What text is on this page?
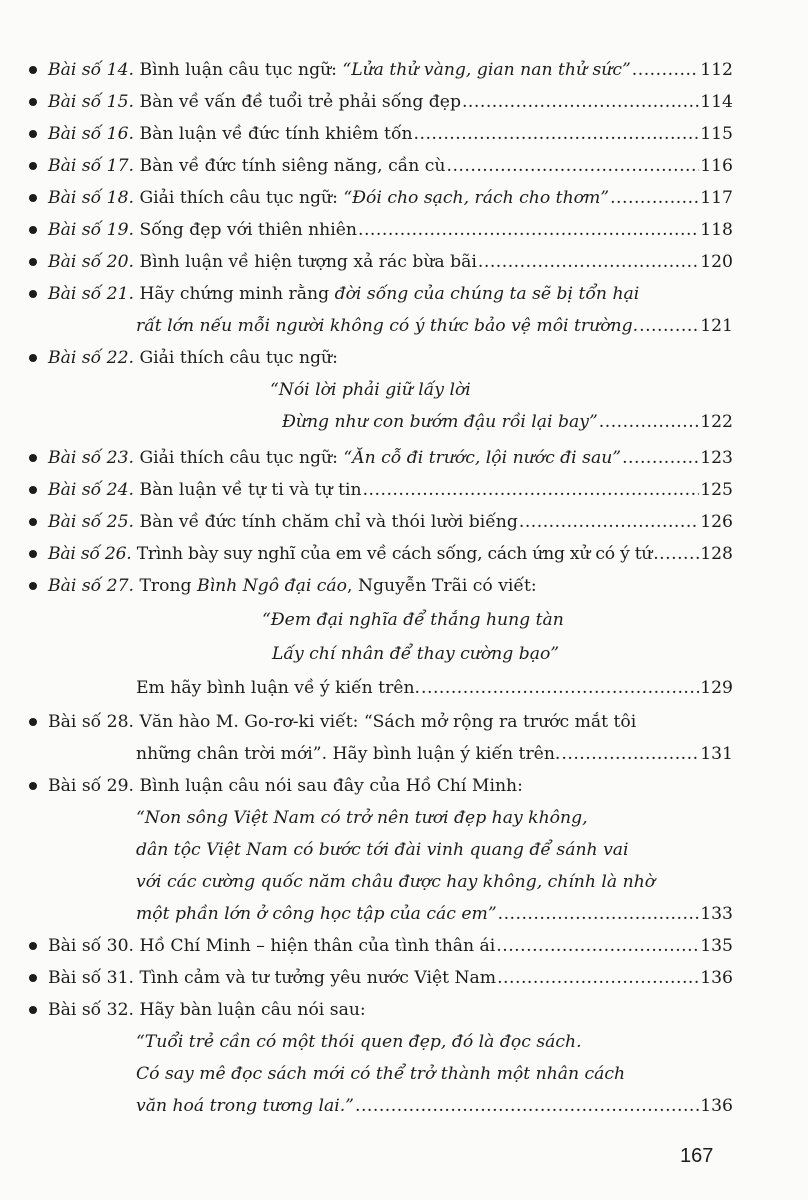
Bài số 14. Bình luận câu tục ngữ: “Lửa thử vàng, gian nan thử sức” .....	112
Bài số 15. Bàn về vấn đề tuổi trẻ phải sống đẹp .....	114
Bài số 16. Bàn luận về đức tính khiêm tốn .....	115
Bài số 17. Bàn về đức tính siêng năng, cần cù .....	116
Bài số 18. Giải thích câu tục ngữ: “Đói cho sạch, rách cho thơm” .....	117
Bài số 19. Sống đẹp với thiên nhiên .....	118
Bài số 20. Bình luận về hiện tượng xả rác bừa bãi .....	120
Bài số 21. Hãy chứng minh rằng đời sống của chúng ta sẽ bị tổn hại
rất lớn nếu mỗi người không có ý thức bảo vệ môi trường. .....	121
Bài số 22. Giải thích câu tục ngữ:
“Nói lời phải giữ lấy lời
Đừng như con bướm đậu rồi lại bay” .....	122
Bài số 23. Giải thích câu tục ngữ: “Ăn cỗ đi trước, lội nước đi sau” .....	123
Bài số 24. Bàn luận về tự ti và tự tin .....	125
Bài số 25. Bàn về đức tính chăm chỉ và thói lười biếng .....	126
Bài số 26. Trình bày suy nghĩ của em về cách sống, cách ứng xử có ý tứ .....	128
Bài số 27. Trong Bình Ngô đại cáo, Nguyễn Trãi có viết:
“Đem đại nghĩa để thắng hung tàn
Lấy chí nhân để thay cường bạo”
Em hãy bình luận về ý kiến trên. .....	129
Bài số 28. Văn hào M. Go-rơ-ki viết: “Sách mở rộng ra trước mắt tôi
những chân trời mới”. Hãy bình luận ý kiến trên. .....	131
Bài số 29. Bình luận câu nói sau đây của Hồ Chí Minh:
“Non sông Việt Nam có trở nên tươi đẹp hay không,
dân tộc Việt Nam có bước tới đài vinh quang để sánh vai
với các cường quốc năm châu được hay không, chính là nhờ
một phần lớn ở công học tập của các em” .....	133
Bài số 30. Hồ Chí Minh – hiện thân của tình thân ái .....	135
Bài số 31. Tình cảm và tư tưởng yêu nước Việt Nam .....	136
Bài số 32. Hãy bàn luận câu nói sau:
“Tuổi trẻ cần có một thói quen đẹp, đó là đọc sách.
Có say mê đọc sách mới có thể trở thành một nhân cách
văn hoá trong tương lai.” .....	136
167
